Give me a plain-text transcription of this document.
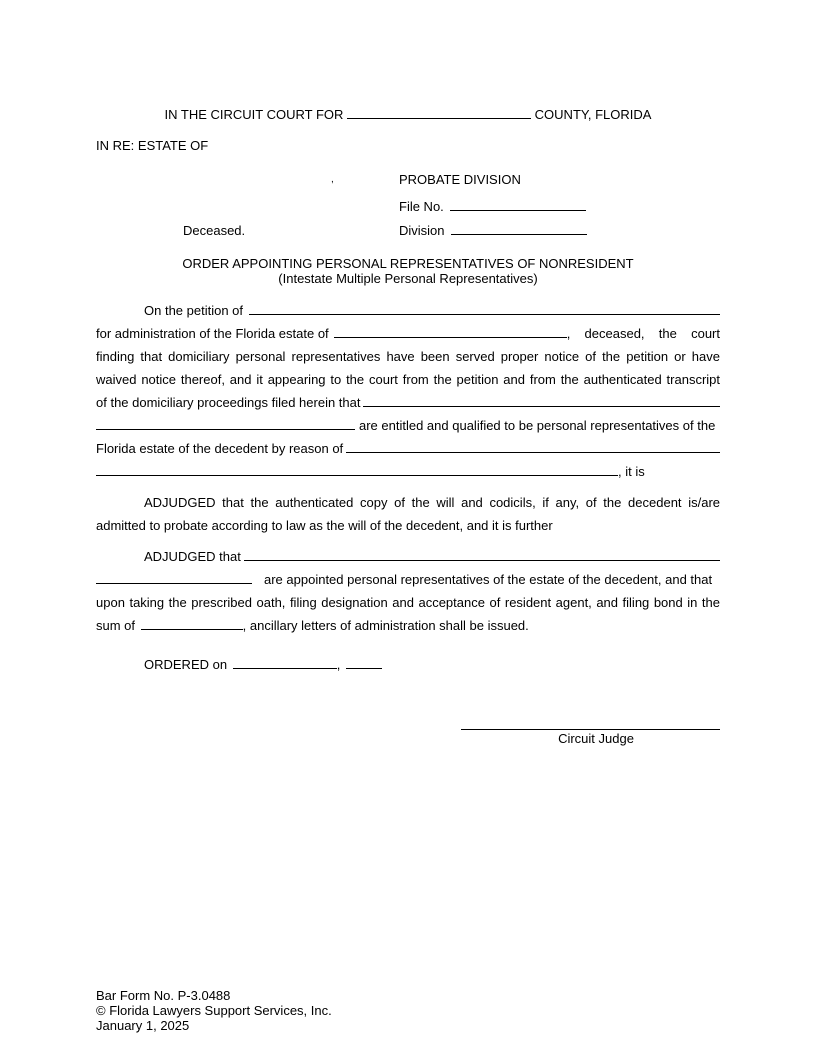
IN THE CIRCUIT COURT FOR	COUNTY, FLORIDA
IN RE: ESTATE OF
,	PROBATE DIVISION
File No.
Deceased.	Division
ORDER APPOINTING PERSONAL REPRESENTATIVES OF NONRESIDENT
(Intestate Multiple Personal Representatives)
On the petition of
for administration of the Florida estate of	, deceased, the court
finding that domiciliary personal representatives have been served proper notice of the petition or have
waived notice thereof, and it appearing to the court from the petition and from the authenticated transcript
of the domiciliary proceedings filed herein that
are entitled and qualified to be personal representatives of the
Florida estate of the decedent by reason of
, it is
ADJUDGED that the authenticated copy of the will and codicils, if any, of the decedent is/are
admitted to probate according to law as the will of the decedent, and it is further
ADJUDGED that
are appointed personal representatives of the estate of the decedent, and that
upon taking the prescribed oath, filing designation and acceptance of resident agent, and filing bond in the
sum of	, ancillary letters of administration shall be issued.
ORDERED on	,
Circuit Judge
Bar Form No. P-3.0488
© Florida Lawyers Support Services, Inc.
January 1, 2025
